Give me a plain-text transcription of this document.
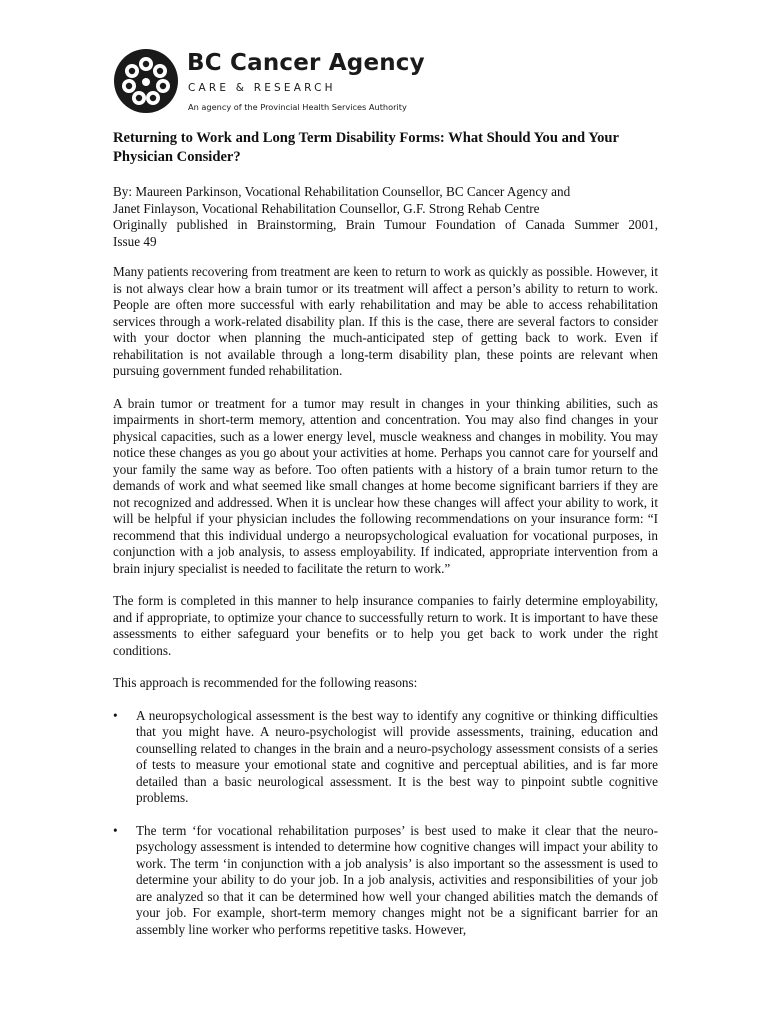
BC Cancer Agency
CARE & RESEARCH
An agency of the Provincial Health Services Authority
Returning to Work and Long Term Disability Forms: What Should You and Your Physician Consider?
By: Maureen Parkinson, Vocational Rehabilitation Counsellor, BC Cancer Agency and
Janet Finlayson, Vocational Rehabilitation Counsellor, G.F. Strong Rehab Centre
Originally published in Brainstorming, Brain Tumour Foundation of Canada Summer 2001,
Issue 49

Many patients recovering from treatment are keen to return to work as quickly as possible. However, it is not always clear how a brain tumor or its treatment will affect a person’s ability to return to work. People are often more successful with early rehabilitation and may be able to access rehabilitation services through a work-related disability plan. If this is the case, there are several factors to consider with your doctor when planning the much-anticipated step of getting back to work. Even if rehabilitation is not available through a long-term disability plan, these points are relevant when pursuing government funded rehabilitation.

A brain tumor or treatment for a tumor may result in changes in your thinking abilities, such as impairments in short-term memory, attention and concentration. You may also find changes in your physical capacities, such as a lower energy level, muscle weakness and changes in mobility. You may notice these changes as you go about your activities at home. Perhaps you cannot care for yourself and your family the same way as before. Too often patients with a history of a brain tumor return to the demands of work and what seemed like small changes at home become significant barriers if they are not recognized and addressed. When it is unclear how these changes will affect your ability to work, it will be helpful if your physician includes the following recommendations on your insurance form: “I recommend that this individual undergo a neuropsychological evaluation for vocational purposes, in conjunction with a job analysis, to assess employability. If indicated, appropriate intervention from a brain injury specialist is needed to facilitate the return to work.”

The form is completed in this manner to help insurance companies to fairly determine employability, and if appropriate, to optimize your chance to successfully return to work. It is important to have these assessments to either safeguard your benefits or to help you get back to work under the right conditions.

This approach is recommended for the following reasons:

• A neuropsychological assessment is the best way to identify any cognitive or thinking difficulties that you might have. A neuro-psychologist will provide assessments, training, education and counselling related to changes in the brain and a neuro-psychology assessment consists of a series of tests to measure your emotional state and cognitive and perceptual abilities, and is far more detailed than a basic neurological assessment. It is the best way to pinpoint subtle cognitive problems.
• The term ‘for vocational rehabilitation purposes’ is best used to make it clear that the neuro-psychology assessment is intended to determine how cognitive changes will impact your ability to work. The term ‘in conjunction with a job analysis’ is also important so the assessment is used to determine your ability to do your job. In a job analysis, activities and responsibilities of your job are analyzed so that it can be determined how well your changed abilities match the demands of your job. For example, short-term memory changes might not be a significant barrier for an assembly line worker who performs repetitive tasks. However,
